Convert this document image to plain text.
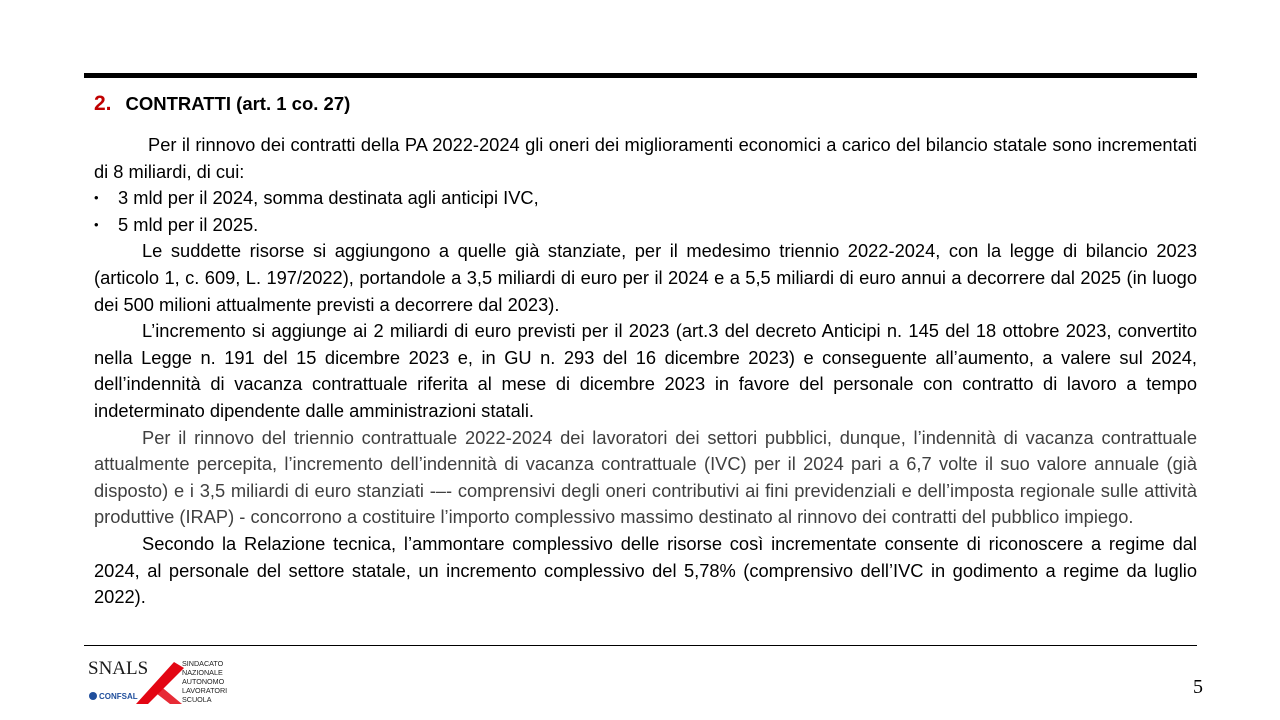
2. CONTRATTI (art. 1 co. 27)

Per il rinnovo dei contratti della PA 2022-2024 gli oneri dei miglioramenti economici a carico del bilancio statale sono incrementati di 8 miliardi, di cui:

• 3 mld per il 2024, somma destinata agli anticipi IVC,
• 5 mld per il 2025.

Le suddette risorse si aggiungono a quelle già stanziate, per il medesimo triennio 2022-2024, con la legge di bilancio 2023 (articolo 1, c. 609, L. 197/2022), portandole a 3,5 miliardi di euro per il 2024 e a 5,5 miliardi di euro annui a decorrere dal 2025 (in luogo dei 500 milioni attualmente previsti a decorrere dal 2023).

L’incremento si aggiunge ai 2 miliardi di euro previsti per il 2023 (art.3 del decreto Anticipi n. 145 del 18 ottobre 2023, convertito nella Legge n. 191 del 15 dicembre 2023 e, in GU n. 293 del 16 dicembre 2023) e conseguente all’aumento, a valere sul 2024, dell’indennità di vacanza contrattuale riferita al mese di dicembre 2023 in favore del personale con contratto di lavoro a tempo indeterminato dipendente dalle amministrazioni statali.

Per il rinnovo del triennio contrattuale 2022-2024 dei lavoratori dei settori pubblici, dunque, l’indennità di vacanza contrattuale attualmente percepita, l’incremento dell’indennità di vacanza contrattuale (IVC) per il 2024 pari a 6,7 volte il suo valore annuale (già disposto) e i 3,5 miliardi di euro stanziati -–- comprensivi degli oneri contributivi ai fini previdenziali e dell’imposta regionale sulle attività produttive (IRAP) - concorrono a costituire l’importo complessivo massimo destinato al rinnovo dei contratti del pubblico impiego.

Secondo la Relazione tecnica, l’ammontare complessivo delle risorse così incrementate consente di riconoscere a regime dal 2024, al personale del settore statale, un incremento complessivo del 5,78% (comprensivo dell’IVC in godimento a regime da luglio 2022).

SNALS
CONFSAL
SINDACATO
NAZIONALE
AUTONOMO
LAVORATORI
SCUOLA
5
